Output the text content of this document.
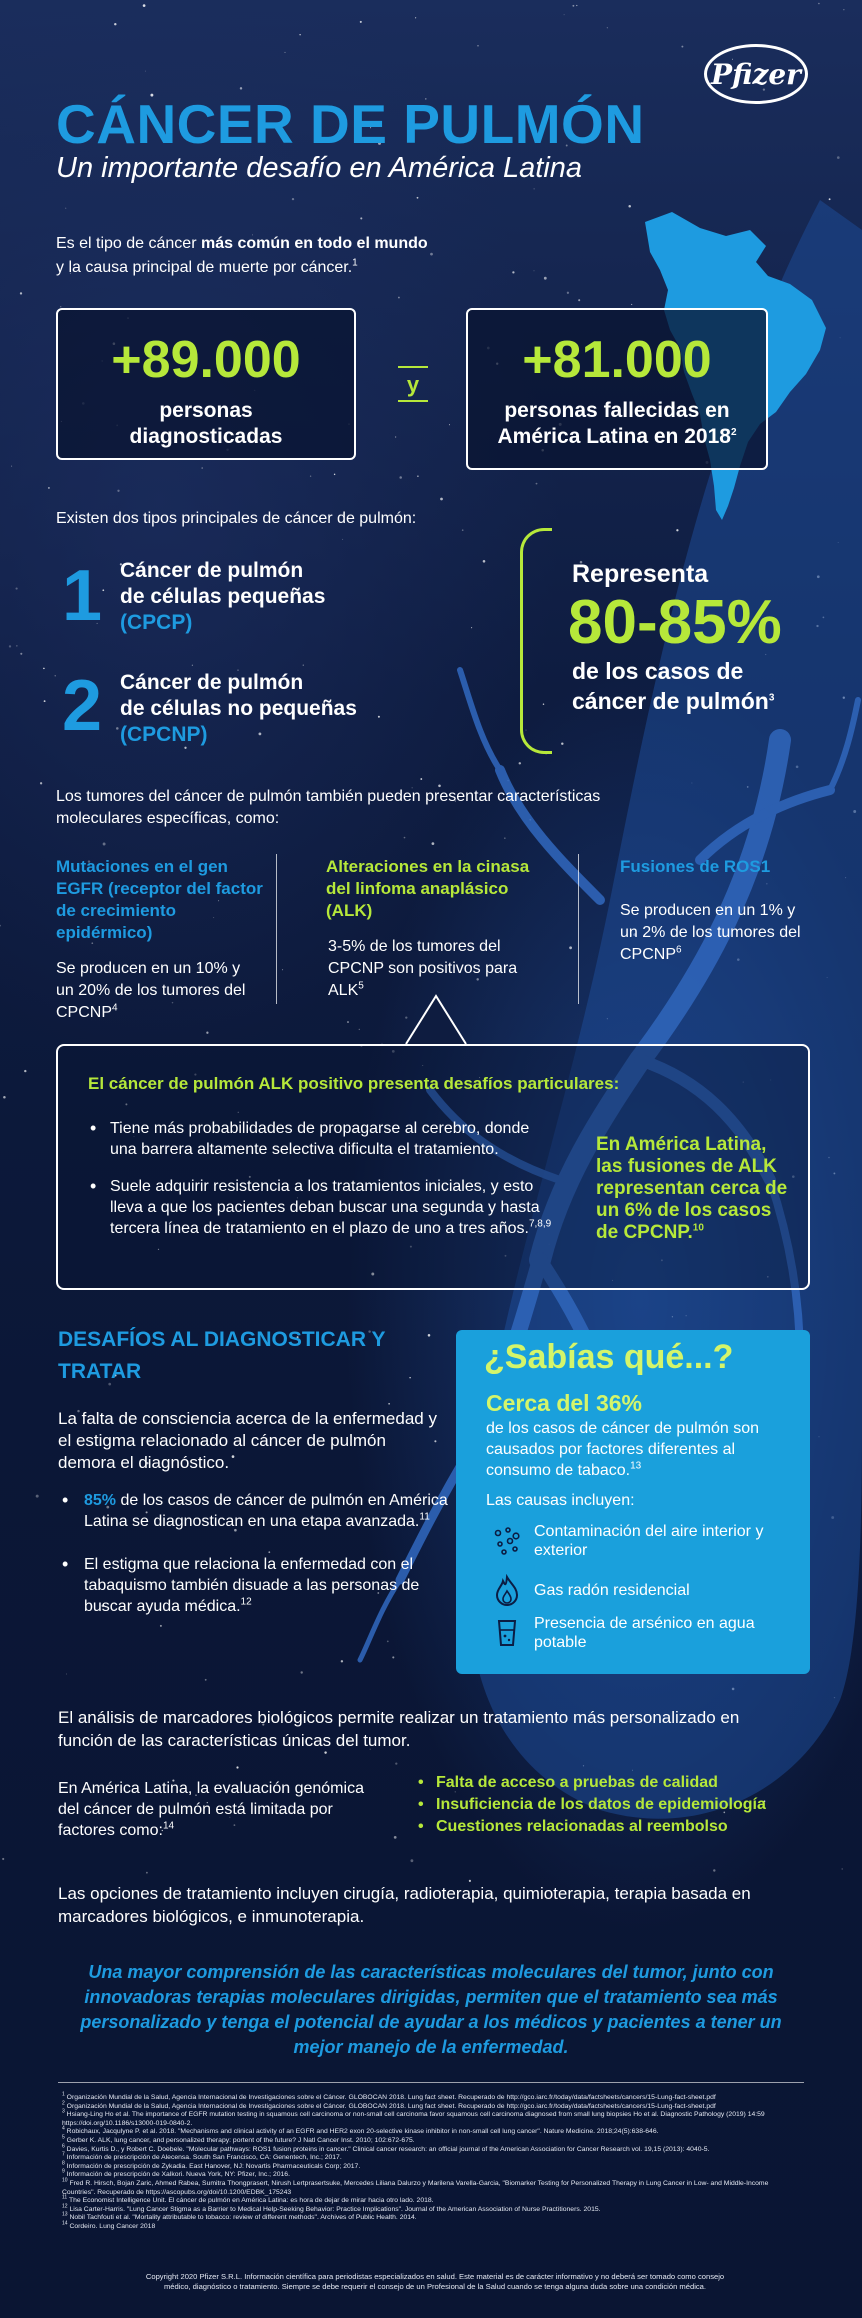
Pfizer
CÁNCER DE PULMÓN
Un importante desafío en América Latina
Es el tipo de cáncer más común en todo el mundo
y la causa principal de muerte por cáncer.$^1$
+89.000
personas
diagnosticadas
y	+81.000
personas fallecidas en
América Latina en 2018$^2$
Existen dos tipos principales de cáncer de pulmón:
1 Cáncer de pulmón
de células pequeñas
(CPCP)
2 Cáncer de pulmón
de células no pequeñas
(CPCNP)
Representa
80-85%
de los casos de
cáncer de pulmón$^3$
Los tumores del cáncer de pulmón también pueden presentar características moleculares específicas, como:
Mutaciones en el gen EGFR (receptor del factor de crecimiento epidérmico)
Se producen en un 10% y un 20% de los tumores del CPCNP$^4$
Alteraciones en la cinasa del linfoma anaplásico (ALK)
3-5% de los tumores del CPCNP son positivos para ALK$^5$
Fusiones de ROS1
Se producen en un 1% y un 2% de los tumores del CPCNP$^6$
El cáncer de pulmón ALK positivo presenta desafíos particulares:
• Tiene más probabilidades de propagarse al cerebro, donde una barrera altamente selectiva dificulta el tratamiento.
• Suele adquirir resistencia a los tratamientos iniciales, y esto lleva a que los pacientes deban buscar una segunda y hasta tercera línea de tratamiento en el plazo de uno a tres años.$^{7,8,9}$
En América Latina, las fusiones de ALK representan cerca de un 6% de los casos de CPCNP.$^{10}$
DESAFÍOS AL DIAGNOSTICAR Y TRATAR
La falta de consciencia acerca de la enfermedad y el estigma relacionado al cáncer de pulmón demora el diagnóstico.
• 85% de los casos de cáncer de pulmón en América Latina se diagnostican en una etapa avanzada.$^{11}$
• El estigma que relaciona la enfermedad con el tabaquismo también disuade a las personas de buscar ayuda médica.$^{12}$
¿Sabías qué...?
Cerca del 36%
de los casos de cáncer de pulmón son causados por factores diferentes al consumo de tabaco.$^{13}$
Las causas incluyen:
Contaminación del aire interior y exterior
Gas radón residencial
Presencia de arsénico en agua potable
El análisis de marcadores biológicos permite realizar un tratamiento más personalizado en función de las características únicas del tumor.
En América Latina, la evaluación genómica del cáncer de pulmón está limitada por factores como:$^{14}$
• Falta de acceso a pruebas de calidad
• Insuficiencia de los datos de epidemiología
• Cuestiones relacionadas al reembolso
Las opciones de tratamiento incluyen cirugía, radioterapia, quimioterapia, terapia basada en marcadores biológicos, e inmunoterapia.
Una mayor comprensión de las características moleculares del tumor, junto con innovadoras terapias moleculares dirigidas, permiten que el tratamiento sea más personalizado y tenga el potencial de ayudar a los médicos y pacientes a tener un mejor manejo de la enfermedad.
$^1$ Organización Mundial de la Salud, Agencia Internacional de Investigaciones sobre el Cáncer. GLOBOCAN 2018. Lung fact sheet. Recuperado de http://gco.iarc.fr/today/data/factsheets/cancers/15-Lung-fact-sheet.pdf
$^2$ Organización Mundial de la Salud, Agencia Internacional de Investigaciones sobre el Cáncer. GLOBOCAN 2018. Lung fact sheet. Recuperado de http://gco.iarc.fr/today/data/factsheets/cancers/15-Lung-fact-sheet.pdf
$^3$ Hsiang-Ling Ho et al. The importance of EGFR mutation testing in squamous cell carcinoma or non-small cell carcinoma favor squamous cell carcinoma diagnosed from small lung biopsies Ho et al. Diagnostic Pathology (2019) 14:59 https://doi.org/10.1186/s13000-019-0840-2.
$^4$ Robichaux, Jacqulyne P. et al. 2018. "Mechanisms and clinical activity of an EGFR and HER2 exon 20-selective kinase inhibitor in non-small cell lung cancer". Nature Medicine. 2018;24(5):638-646.
$^5$ Gerber K. ALK, lung cancer, and personalized therapy: portent of the future? J Natl Cancer Inst. 2010; 102:672-675.
$^6$ Davies, Kurtis D., y Robert C. Doebele. "Molecular pathways: ROS1 fusion proteins in cancer." Clinical cancer research: an official journal of the American Association for Cancer Research vol. 19,15 (2013): 4040-5.
$^7$ Información de prescripción de Alecensa. South San Francisco, CA: Genentech, Inc.; 2017.
$^8$ Información de prescripción de Zykadia. East Hanover, NJ: Novartis Pharmaceuticals Corp; 2017.
$^9$ Información de prescripción de Xalkori. Nueva York, NY: Pfizer, Inc.; 2016.
$^{10}$ Fred R. Hirsch, Bojan Zaric, Ahmed Rabea, Sumitra Thongprasert, Nirush Lertprasertsuke, Mercedes Liliana Dalurzo y Marilena Varella-Garcia, "Biomarker Testing for Personalized Therapy in Lung Cancer in Low- and Middle-Income Countries". Recuperado de https://ascopubs.org/doi/10.1200/EDBK_175243
$^{11}$ The Economist Intelligence Unit. El cáncer de pulmón en América Latina: es hora de dejar de mirar hacia otro lado. 2018.
$^{12}$ Lisa Carter-Harris. "Lung Cancer Stigma as a Barrier to Medical Help-Seeking Behavior: Practice Implications". Journal of the American Association of Nurse Practitioners. 2015.
$^{13}$ Nobil Tachfouti et al. "Mortality attributable to tobacco: review of different methods". Archives of Public Health. 2014.
$^{14}$ Cordeiro. Lung Cancer 2018
Copyright 2020 Pfizer S.R.L. Información científica para periodistas especializados en salud. Este material es de carácter informativo y no deberá ser tomado como consejo médico, diagnóstico o tratamiento. Siempre se debe requerir el consejo de un Profesional de la Salud cuando se tenga alguna duda sobre una condición médica.
